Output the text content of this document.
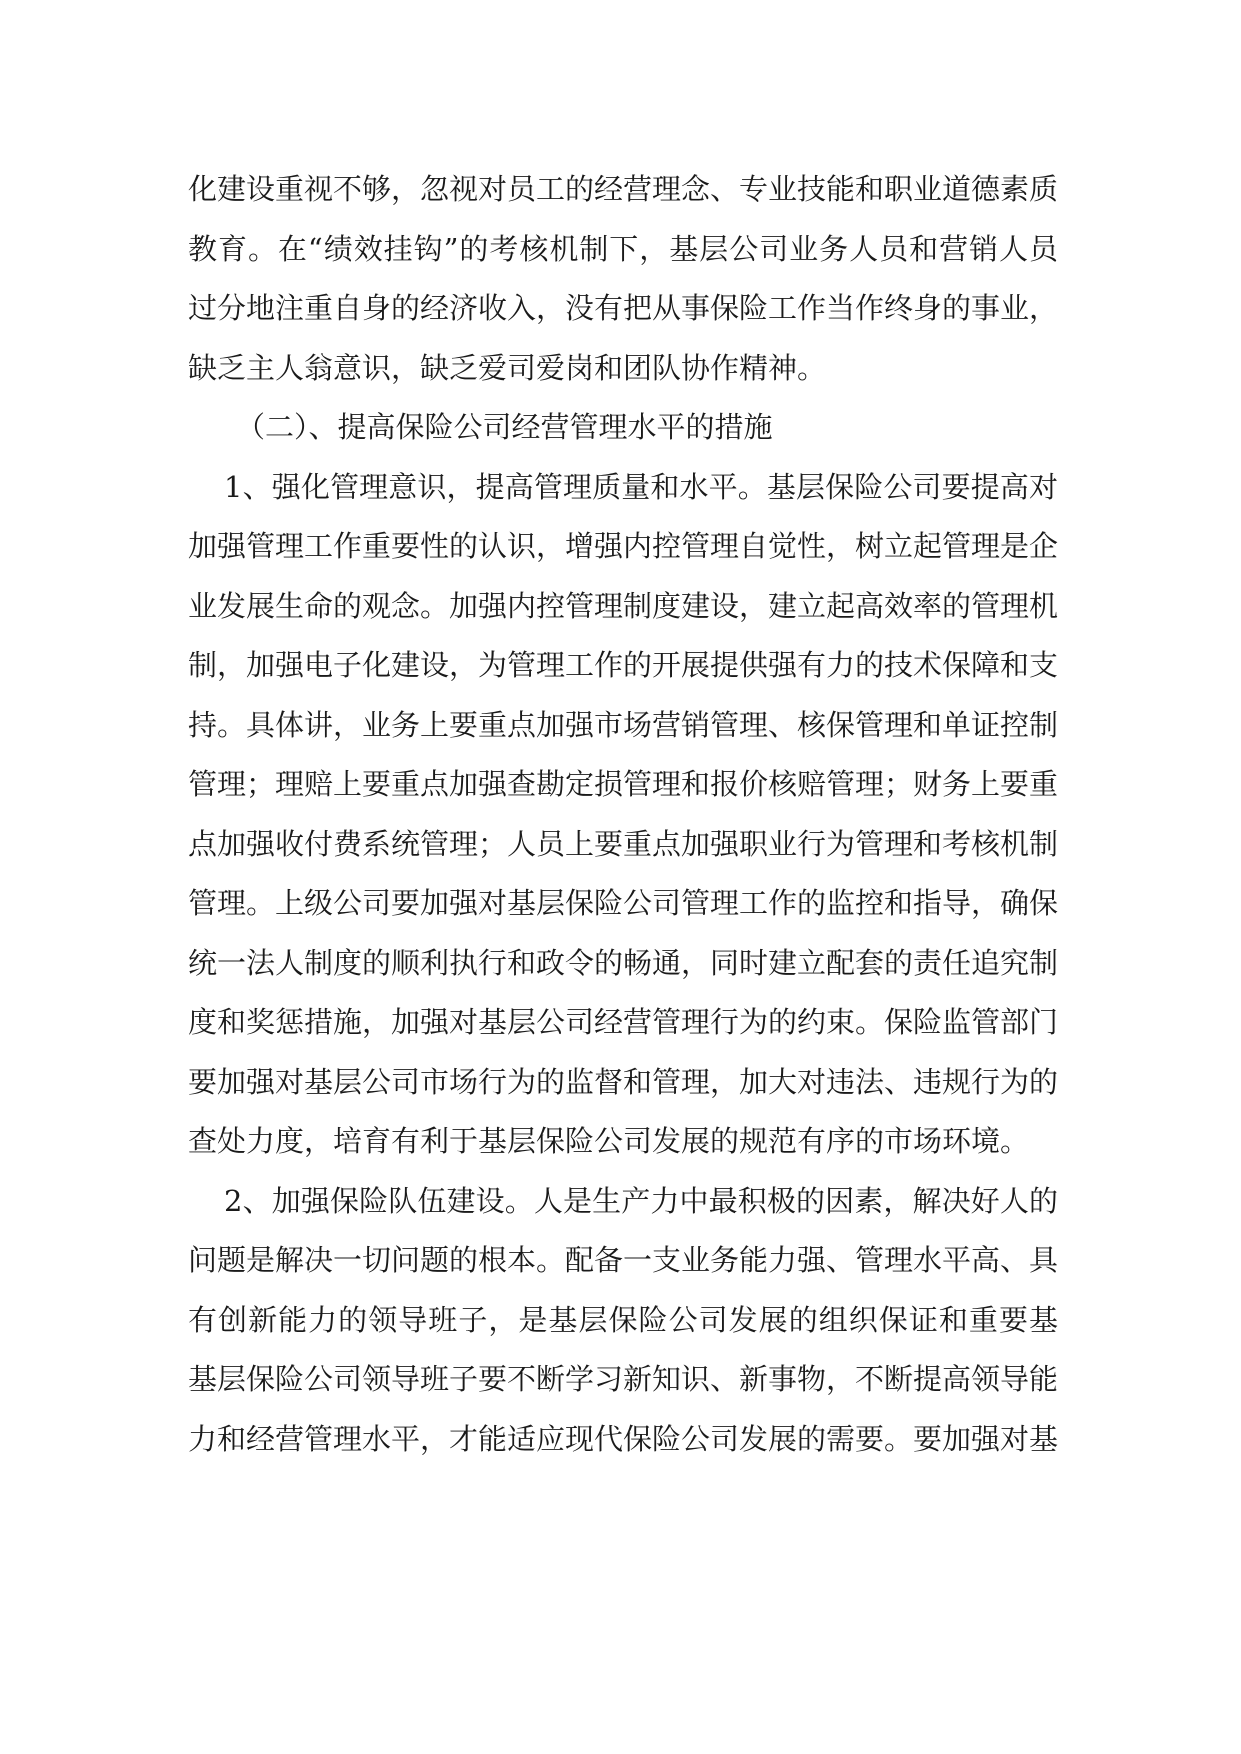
化建设重视不够，忽视对员工的经营理念、专业技能和职业道德素质
教育。在“绩效挂钩”的考核机制下，基层公司业务人员和营销人员
过分地注重自身的经济收入，没有把从事保险工作当作终身的事业，
缺乏主人翁意识，缺乏爱司爱岗和团队协作精神。
（二）、提高保险公司经营管理水平的措施
1、强化管理意识，提高管理质量和水平。基层保险公司要提高对
加强管理工作重要性的认识，增强内控管理自觉性，树立起管理是企
业发展生命的观念。加强内控管理制度建设，建立起高效率的管理机
制，加强电子化建设，为管理工作的开展提供强有力的技术保障和支
持。具体讲，业务上要重点加强市场营销管理、核保管理和单证控制
管理；理赔上要重点加强查勘定损管理和报价核赔管理；财务上要重
点加强收付费系统管理；人员上要重点加强职业行为管理和考核机制
管理。上级公司要加强对基层保险公司管理工作的监控和指导，确保
统一法人制度的顺利执行和政令的畅通，同时建立配套的责任追究制
度和奖惩措施，加强对基层公司经营管理行为的约束。保险监管部门
要加强对基层公司市场行为的监督和管理，加大对违法、违规行为的
查处力度，培育有利于基层保险公司发展的规范有序的市场环境。
2、加强保险队伍建设。人是生产力中最积极的因素，解决好人的
问题是解决一切问题的根本。配备一支业务能力强、管理水平高、具
有创新能力的领导班子，是基层保险公司发展的组织保证和重要基
基层保险公司领导班子要不断学习新知识、新事物，不断提高领导能
力和经营管理水平，才能适应现代保险公司发展的需要。要加强对基
